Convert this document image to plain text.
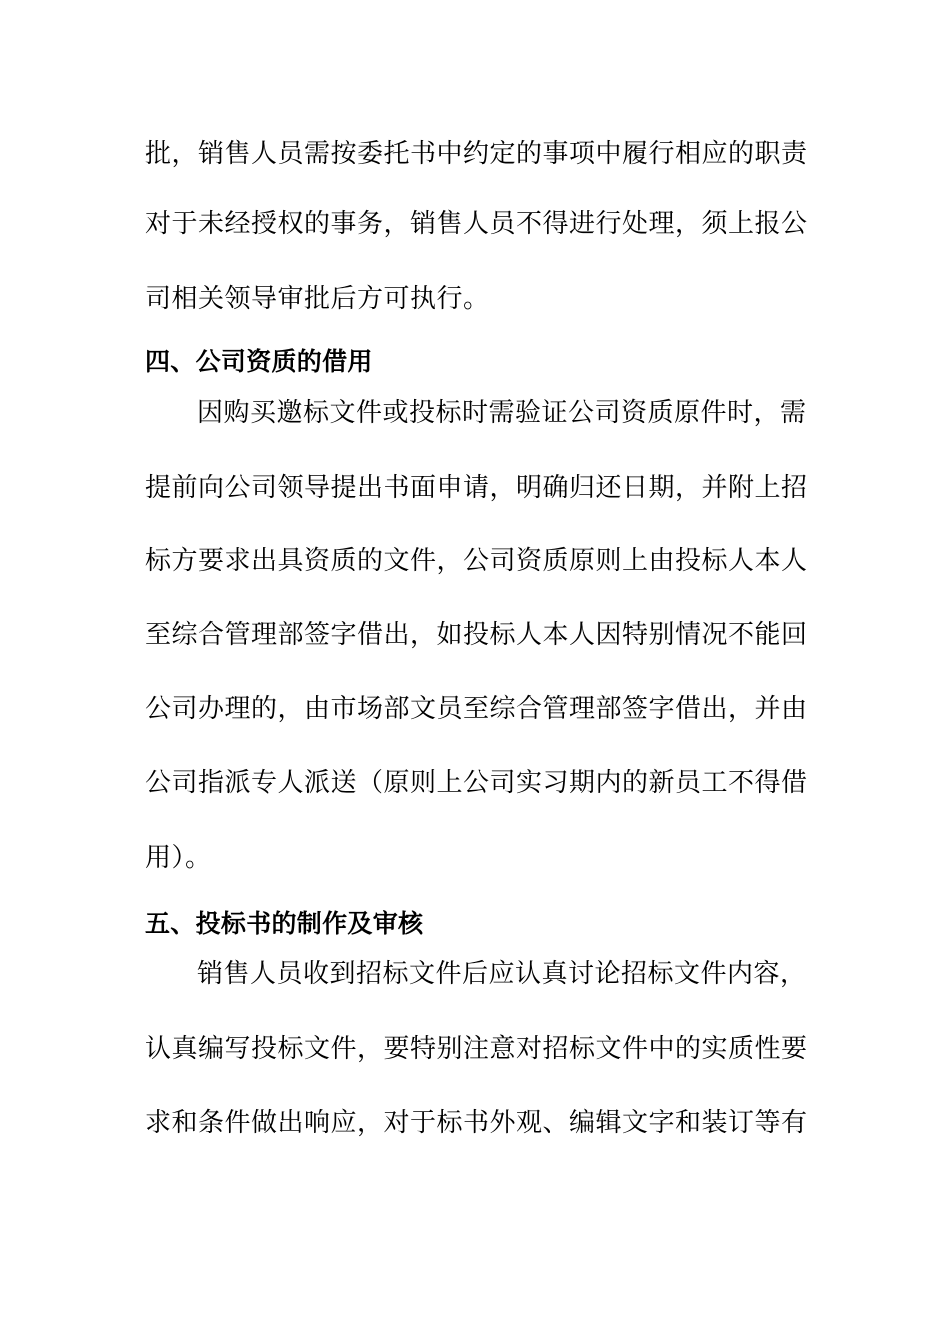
批，销售人员需按委托书中约定的事项中履行相应的职责
对于未经授权的事务，销售人员不得进行处理，须上报公
司相关领导审批后方可执行。
四、公司资质的借用
因购买邀标文件或投标时需验证公司资质原件时，需
提前向公司领导提出书面申请，明确归还日期，并附上招
标方要求出具资质的文件，公司资质原则上由投标人本人
至综合管理部签字借出，如投标人本人因特别情况不能回
公司办理的，由市场部文员至综合管理部签字借出，并由
公司指派专人派送（原则上公司实习期内的新员工不得借
用）。
五、投标书的制作及审核
销售人员收到招标文件后应认真讨论招标文件内容，
认真编写投标文件，要特别注意对招标文件中的实质性要
求和条件做出响应，对于标书外观、编辑文字和装订等有
